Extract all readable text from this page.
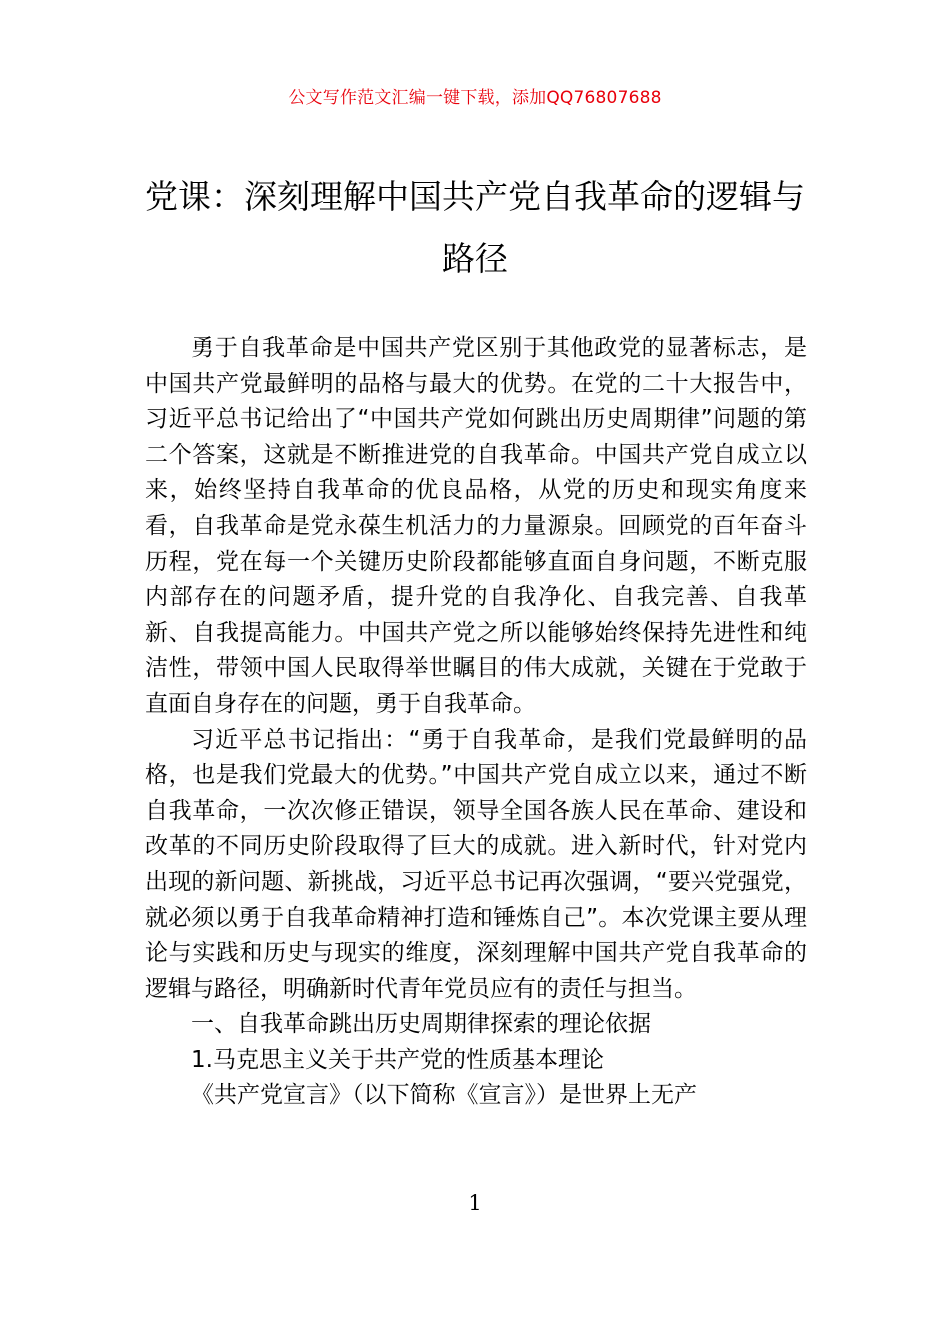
公文写作范文汇编一键下载，添加QQ76807688
党课：深刻理解中国共产党自我革命的逻辑与路径

勇于自我革命是中国共产党区别于其他政党的显著标志，是中国共产党最鲜明的品格与最大的优势。在党的二十大报告中，习近平总书记给出了“中国共产党如何跳出历史周期律”问题的第二个答案，这就是不断推进党的自我革命。中国共产党自成立以来，始终坚持自我革命的优良品格，从党的历史和现实角度来看，自我革命是党永葆生机活力的力量源泉。回顾党的百年奋斗历程，党在每一个关键历史阶段都能够直面自身问题，不断克服内部存在的问题矛盾，提升党的自我净化、自我完善、自我革新、自我提高能力。中国共产党之所以能够始终保持先进性和纯洁性，带领中国人民取得举世瞩目的伟大成就，关键在于党敢于直面自身存在的问题，勇于自我革命。

习近平总书记指出：“勇于自我革命，是我们党最鲜明的品格，也是我们党最大的优势。”中国共产党自成立以来，通过不断自我革命，一次次修正错误，领导全国各族人民在革命、建设和改革的不同历史阶段取得了巨大的成就。进入新时代，针对党内出现的新问题、新挑战，习近平总书记再次强调，“要兴党强党，就必须以勇于自我革命精神打造和锤炼自己”。本次党课主要从理论与实践和历史与现实的维度，深刻理解中国共产党自我革命的逻辑与路径，明确新时代青年党员应有的责任与担当。

一、自我革命跳出历史周期律探索的理论依据

1.马克思主义关于共产党的性质基本理论

《共产党宣言》（以下简称《宣言》）是世界上无产

1
